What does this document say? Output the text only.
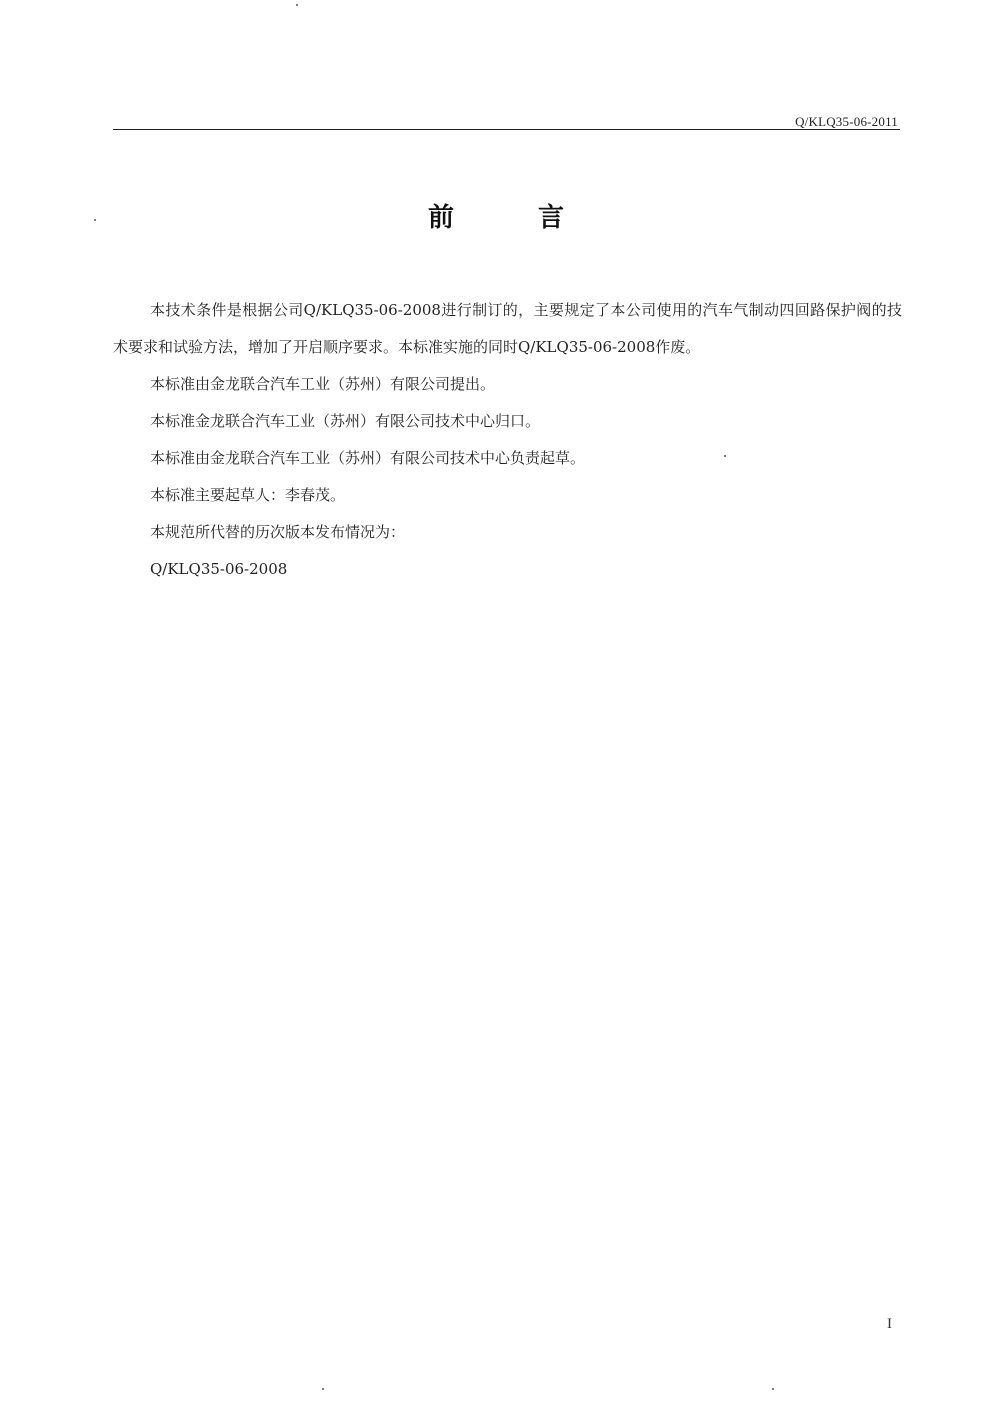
Q/KLQ35-06-2011
前言

本技术条件是根据公司Q/KLQ35-06-2008进行制订的，主要规定了本公司使用的汽车气制动四回路保护阀的技术要求和试验方法，增加了开启顺序要求。本标准实施的同时Q/KLQ35-06-2008作废。

本标准由金龙联合汽车工业（苏州）有限公司提出。

本标准金龙联合汽车工业（苏州）有限公司技术中心归口。

本标准由金龙联合汽车工业（苏州）有限公司技术中心负责起草。

本标准主要起草人：李春茂。

本规范所代替的历次版本发布情况为：

Q/KLQ35-06-2008

I
